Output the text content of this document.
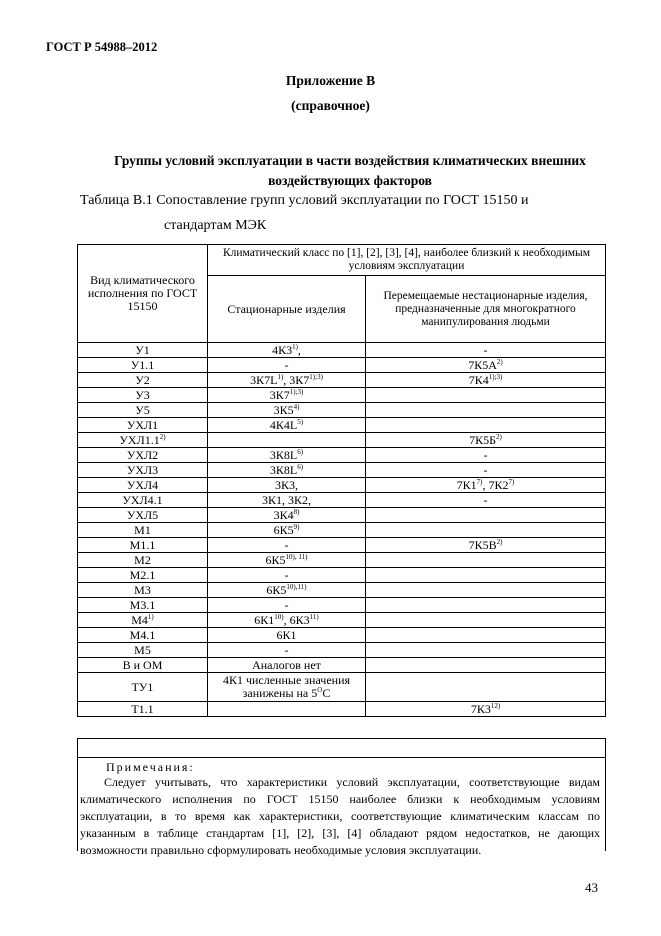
ГОСТ Р 54988–2012
Приложение В
(справочное)
Группы условий эксплуатации в части воздействия климатических внешних воздействующих факторов
Таблица В.1 Сопоставление групп условий эксплуатации по ГОСТ 15150 и
стандартам МЭК
Вид климатического исполнения по ГОСТ 15150	Климатический класс по [1], [2], [3], [4], наиболее близкий к необходимым условиям эксплуатации	
	Стационарные изделия	Перемещаемые нестационарные изделия, предназначенные для многократного манипулирования людьми
У1	4К3$^{1)}$,	-
У1.1	-	$7К5А^{2)}$
У2	$3К7L^{1)}$, $3К7^{1);3)}$	$7К4^{1);3)}$
У3	$3К7^{1);3)}$	
У5	3К5$^{4)}$	
УХЛ1	$4К4L^{5)}$	
УХЛ1.1$^{2)}$		$7К5Б^{2)}$
УХЛ2	$3К8L^{6)}$	-
УХЛ3	$3К8L^{6)}$	-
УХЛ4	3К3,	7К1$^{7)}$, 7К2$^{7)}$
УХЛ4.1	3К1, 3К2,	-
УХЛ5	3К4$^{8)}$	
М1	6К5$^{9)}$	
М1.1	-	$7К5В^{2)}$
М2	$6К5^{10), 11)}$	
М2.1	-	
М3	$6К5^{10),11)}$	
М3.1	-	
М4$^{1)}$	6К1$^{10)}$, 6К3$^{11)}$	
М4.1	6К1	
М5	-	
В и ОМ	Аналогов нет	
ТУ1	4К1 численные значения занижены на $5^OС$	
Т1.1		7К3$^{12)}$
Примечания:
Следует учитывать, что характеристики условий эксплуатации, соответствующие видам климатического исполнения по ГОСТ 15150 наиболее близки к необходимым условиям эксплуатации, в то время как характеристики, соответствующие климатическим классам по указанным в таблице стандартам [1], [2], [3], [4] обладают рядом недостатков, не дающих возможности правильно сформулировать необходимые условия эксплуатации.
43
